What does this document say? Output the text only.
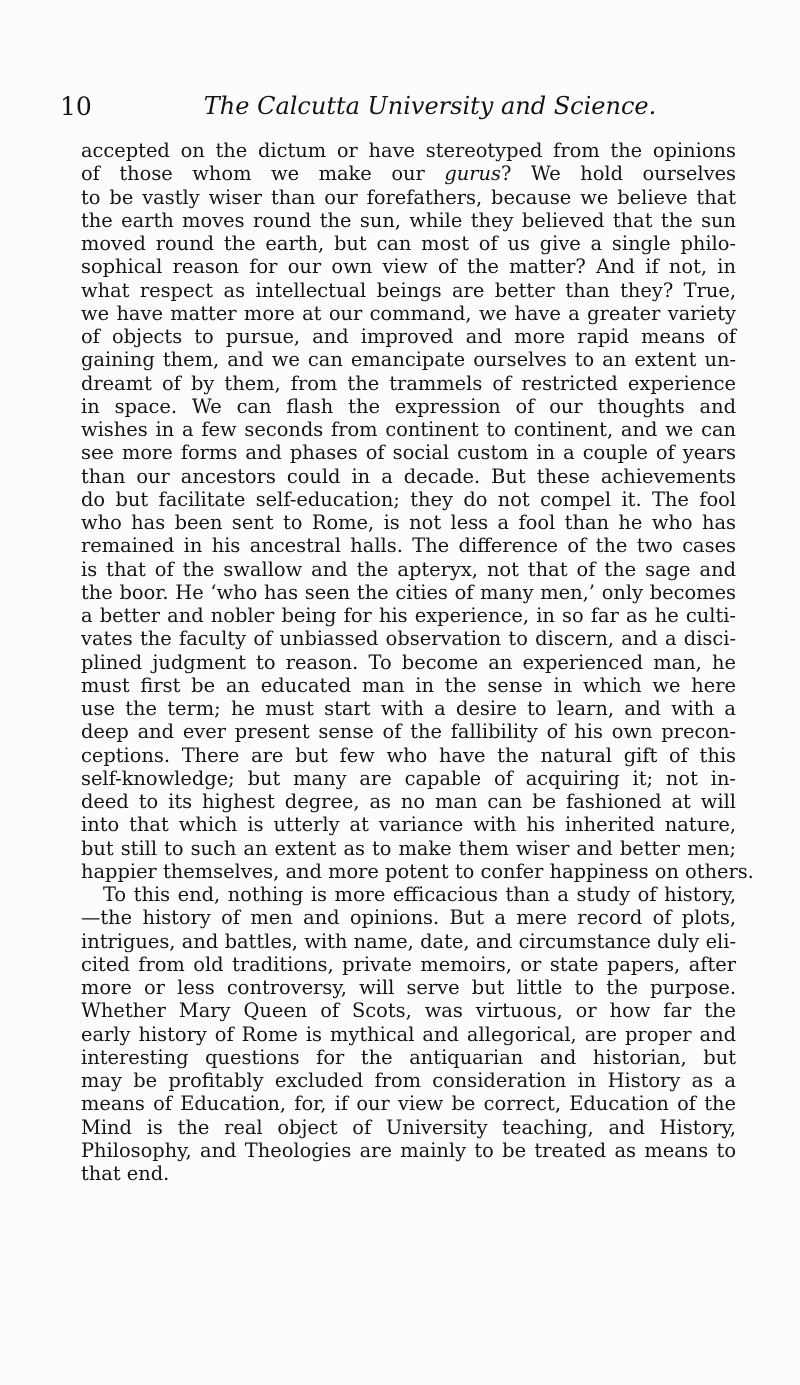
10	The Calcutta University and Science.
accepted on the dictum or have stereotyped from the opinions
of those whom we make our gurus? We hold ourselves
to be vastly wiser than our forefathers, because we believe that
the earth moves round the sun, while they believed that the sun
moved round the earth, but can most of us give a single philo-
sophical reason for our own view of the matter? And if not, in
what respect as intellectual beings are better than they? True,
we have matter more at our command, we have a greater variety
of objects to pursue, and improved and more rapid means of
gaining them, and we can emancipate ourselves to an extent un-
dreamt of by them, from the trammels of restricted experience
in space. We can flash the expression of our thoughts and
wishes in a few seconds from continent to continent, and we can
see more forms and phases of social custom in a couple of years
than our ancestors could in a decade. But these achievements
do but facilitate self-education; they do not compel it. The fool
who has been sent to Rome, is not less a fool than he who has
remained in his ancestral halls. The difference of the two cases
is that of the swallow and the apteryx, not that of the sage and
the boor. He ‘who has seen the cities of many men,’ only becomes
a better and nobler being for his experience, in so far as he culti-
vates the faculty of unbiassed observation to discern, and a disci-
plined judgment to reason. To become an experienced man, he
must first be an educated man in the sense in which we here
use the term; he must start with a desire to learn, and with a
deep and ever present sense of the fallibility of his own precon-
ceptions. There are but few who have the natural gift of this
self-knowledge; but many are capable of acquiring it; not in-
deed to its highest degree, as no man can be fashioned at will
into that which is utterly at variance with his inherited nature,
but still to such an extent as to make them wiser and better men;
happier themselves, and more potent to confer happiness on others.
To this end, nothing is more efficacious than a study of history,
—the history of men and opinions. But a mere record of plots,
intrigues, and battles, with name, date, and circumstance duly eli-
cited from old traditions, private memoirs, or state papers, after
more or less controversy, will serve but little to the purpose.
Whether Mary Queen of Scots, was virtuous, or how far the
early history of Rome is mythical and allegorical, are proper and
interesting questions for the antiquarian and historian, but
may be profitably excluded from consideration in History as a
means of Education, for, if our view be correct, Education of the
Mind is the real object of University teaching, and History,
Philosophy, and Theologies are mainly to be treated as means to
that end.
